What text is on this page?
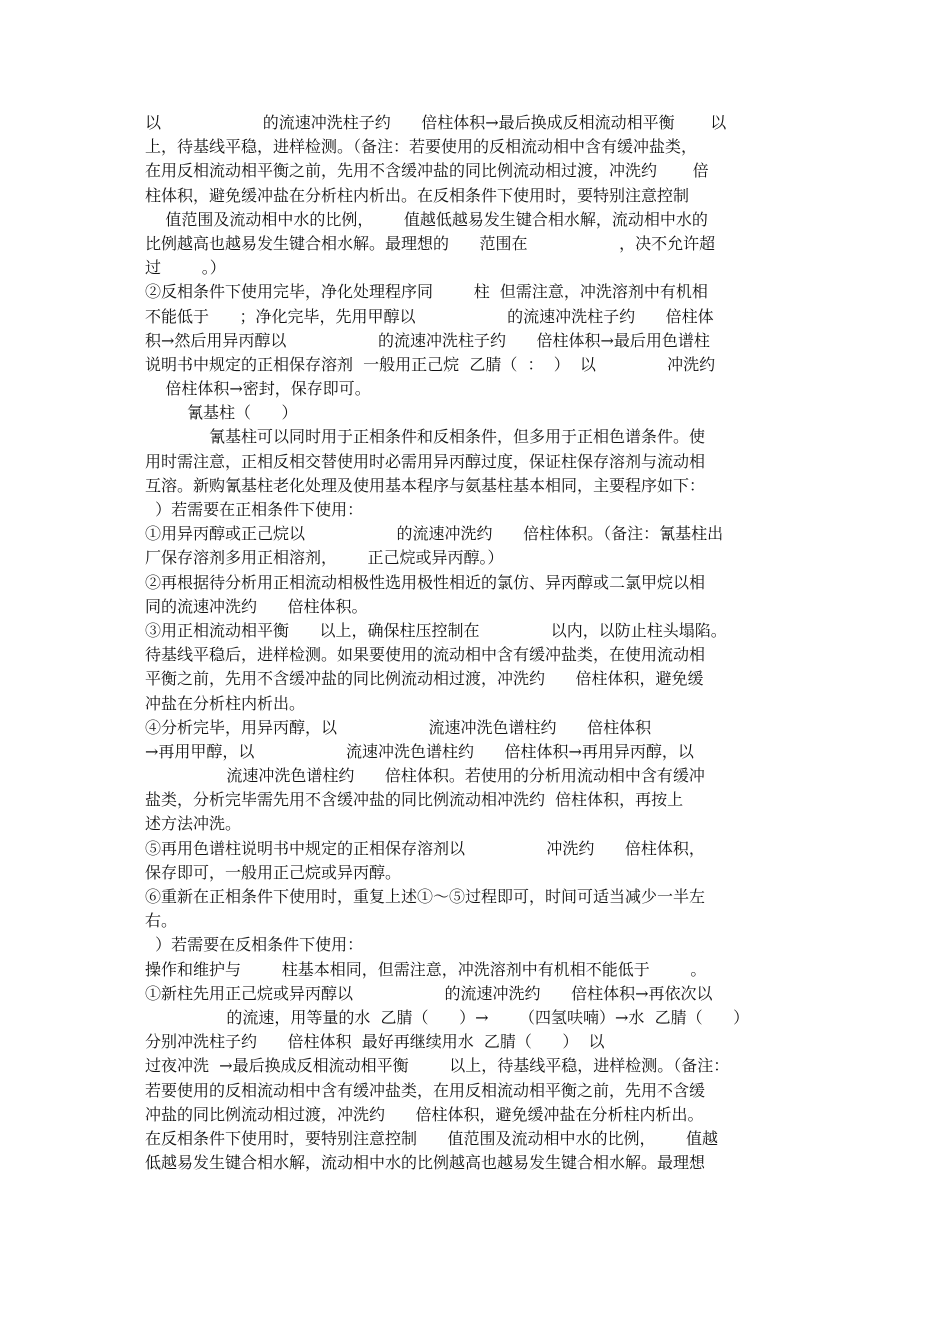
以                    的流速冲洗柱子约      倍柱体积→最后换成反相流动相平衡       以
上，待基线平稳，进样检测。（备注：若要使用的反相流动相中含有缓冲盐类，
在用反相流动相平衡之前，先用不含缓冲盐的同比例流动相过渡，冲洗约       倍
柱体积，避免缓冲盐在分析柱内析出。在反相条件下使用时，要特别注意控制
值范围及流动相中水的比例，      值越低越易发生键合相水解，流动相中水的
比例越高也越易发生键合相水解。最理想的      范围在                  ，决不允许超
过        。）
②反相条件下使用完毕，净化处理程序同        柱  但需注意，冲洗溶剂中有机相
不能低于      ；净化完毕，先用甲醇以                  的流速冲洗柱子约      倍柱体
积→然后用异丙醇以                  的流速冲洗柱子约      倍柱体积→最后用色谱柱
说明书中规定的正相保存溶剂  一般用正己烷  乙腈（  ：  ）  以              冲洗约
倍柱体积→密封，保存即可。
氰基柱（      ）
氰基柱可以同时用于正相条件和反相条件，但多用于正相色谱条件。使
用时需注意，正相反相交替使用时必需用异丙醇过度，保证柱保存溶剂与流动相
互溶。新购氰基柱老化处理及使用基本程序与氨基柱基本相同，主要程序如下：
）若需要在正相条件下使用：
①用异丙醇或正己烷以                  的流速冲洗约      倍柱体积。（备注：氰基柱出
厂保存溶剂多用正相溶剂，      正己烷或异丙醇。）
②再根据待分析用正相流动相极性选用极性相近的氯仿、异丙醇或二氯甲烷以相
同的流速冲洗约      倍柱体积。
③用正相流动相平衡      以上，确保柱压控制在              以内，以防止柱头塌陷。
待基线平稳后，进样检测。如果要使用的流动相中含有缓冲盐类，在使用流动相
平衡之前，先用不含缓冲盐的同比例流动相过渡，冲洗约      倍柱体积，避免缓
冲盐在分析柱内析出。
④分析完毕，用异丙醇，以                  流速冲洗色谱柱约      倍柱体积
→再用甲醇，以                  流速冲洗色谱柱约      倍柱体积→再用异丙醇，以
流速冲洗色谱柱约      倍柱体积。若使用的分析用流动相中含有缓冲
盐类，分析完毕需先用不含缓冲盐的同比例流动相冲洗约  倍柱体积，再按上
述方法冲洗。
⑤再用色谱柱说明书中规定的正相保存溶剂以                冲洗约      倍柱体积，
保存即可，一般用正己烷或异丙醇。
⑥重新在正相条件下使用时，重复上述①～⑤过程即可，时间可适当减少一半左
右。
）若需要在反相条件下使用：
操作和维护与        柱基本相同，但需注意，冲洗溶剂中有机相不能低于        。
①新柱先用正己烷或异丙醇以                  的流速冲洗约      倍柱体积→再依次以
的流速，用等量的水  乙腈（      ）→      （四氢呋喃）→水  乙腈（      ）
分别冲洗柱子约      倍柱体积  最好再继续用水  乙腈（      ）  以
过夜冲洗  →最后换成反相流动相平衡        以上，待基线平稳，进样检测。（备注：
若要使用的反相流动相中含有缓冲盐类，在用反相流动相平衡之前，先用不含缓
冲盐的同比例流动相过渡，冲洗约      倍柱体积，避免缓冲盐在分析柱内析出。
在反相条件下使用时，要特别注意控制      值范围及流动相中水的比例，      值越
低越易发生键合相水解，流动相中水的比例越高也越易发生键合相水解。最理想
